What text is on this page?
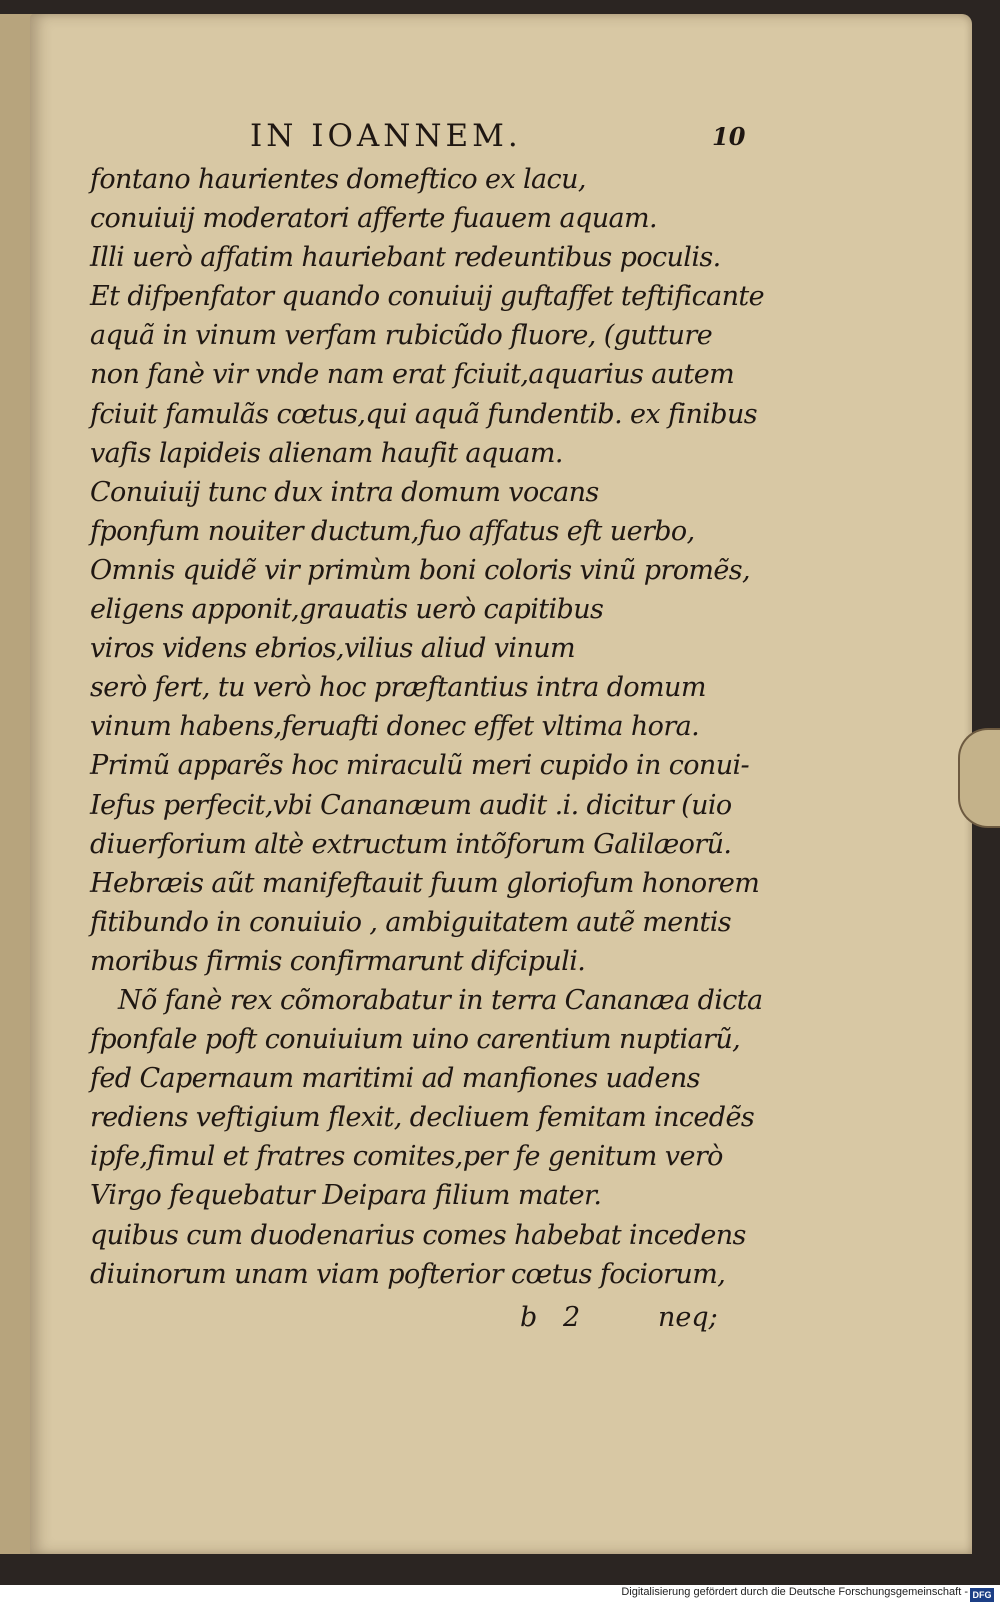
IN IOANNEM.	10
fontano haurientes domeftico ex lacu,
conuiuij moderatori afferte fuauem aquam.
Illi uerò affatim hauriebant redeuntibus poculis.
Et difpenfator quando conuiuij guftaffet teftificante
aquã in vinum verfam rubicũdo fluore, (gutture
non fanè vir vnde nam erat fciuit,aquarius autem
fciuit famulãs cœtus,qui aquã fundentib. ex finibus
vafis lapideis alienam haufit aquam.
Conuiuij tunc dux intra domum vocans
fponfum nouiter ductum,fuo affatus eft uerbo,
Omnis quidẽ vir primùm boni coloris vinũ promẽs,
eligens apponit,grauatis uerò capitibus
viros videns ebrios,vilius aliud vinum
serò fert, tu verò hoc præftantius intra domum
vinum habens,feruafti donec effet vltima hora.
Primũ apparẽs hoc miraculũ meri cupido in conui-
Iefus perfecit,vbi Cananæum audit .i. dicitur (uio
diuerforium altè extructum intõforum Galilæorũ.
Hebræis aũt manifeftauit fuum gloriofum honorem
fitibundo in conuiuio , ambiguitatem autẽ mentis
moribus firmis confirmarunt difcipuli.
Nõ fanè rex cõmorabatur in terra Cananæa dicta
fponfale poft conuiuium uino carentium nuptiarũ,
fed Capernaum maritimi ad manfiones uadens
rediens veftigium flexit, decliuem femitam incedẽs
ipfe,fimul et fratres comites,per fe genitum verò
Virgo fequebatur Deipara filium mater.
quibus cum duodenarius comes habebat incedens
diuinorum unam viam pofterior cœtus fociorum,
b 2	neq;
Digitalisierung gefördert durch die Deutsche Forschungsgemeinschaft - DFG
